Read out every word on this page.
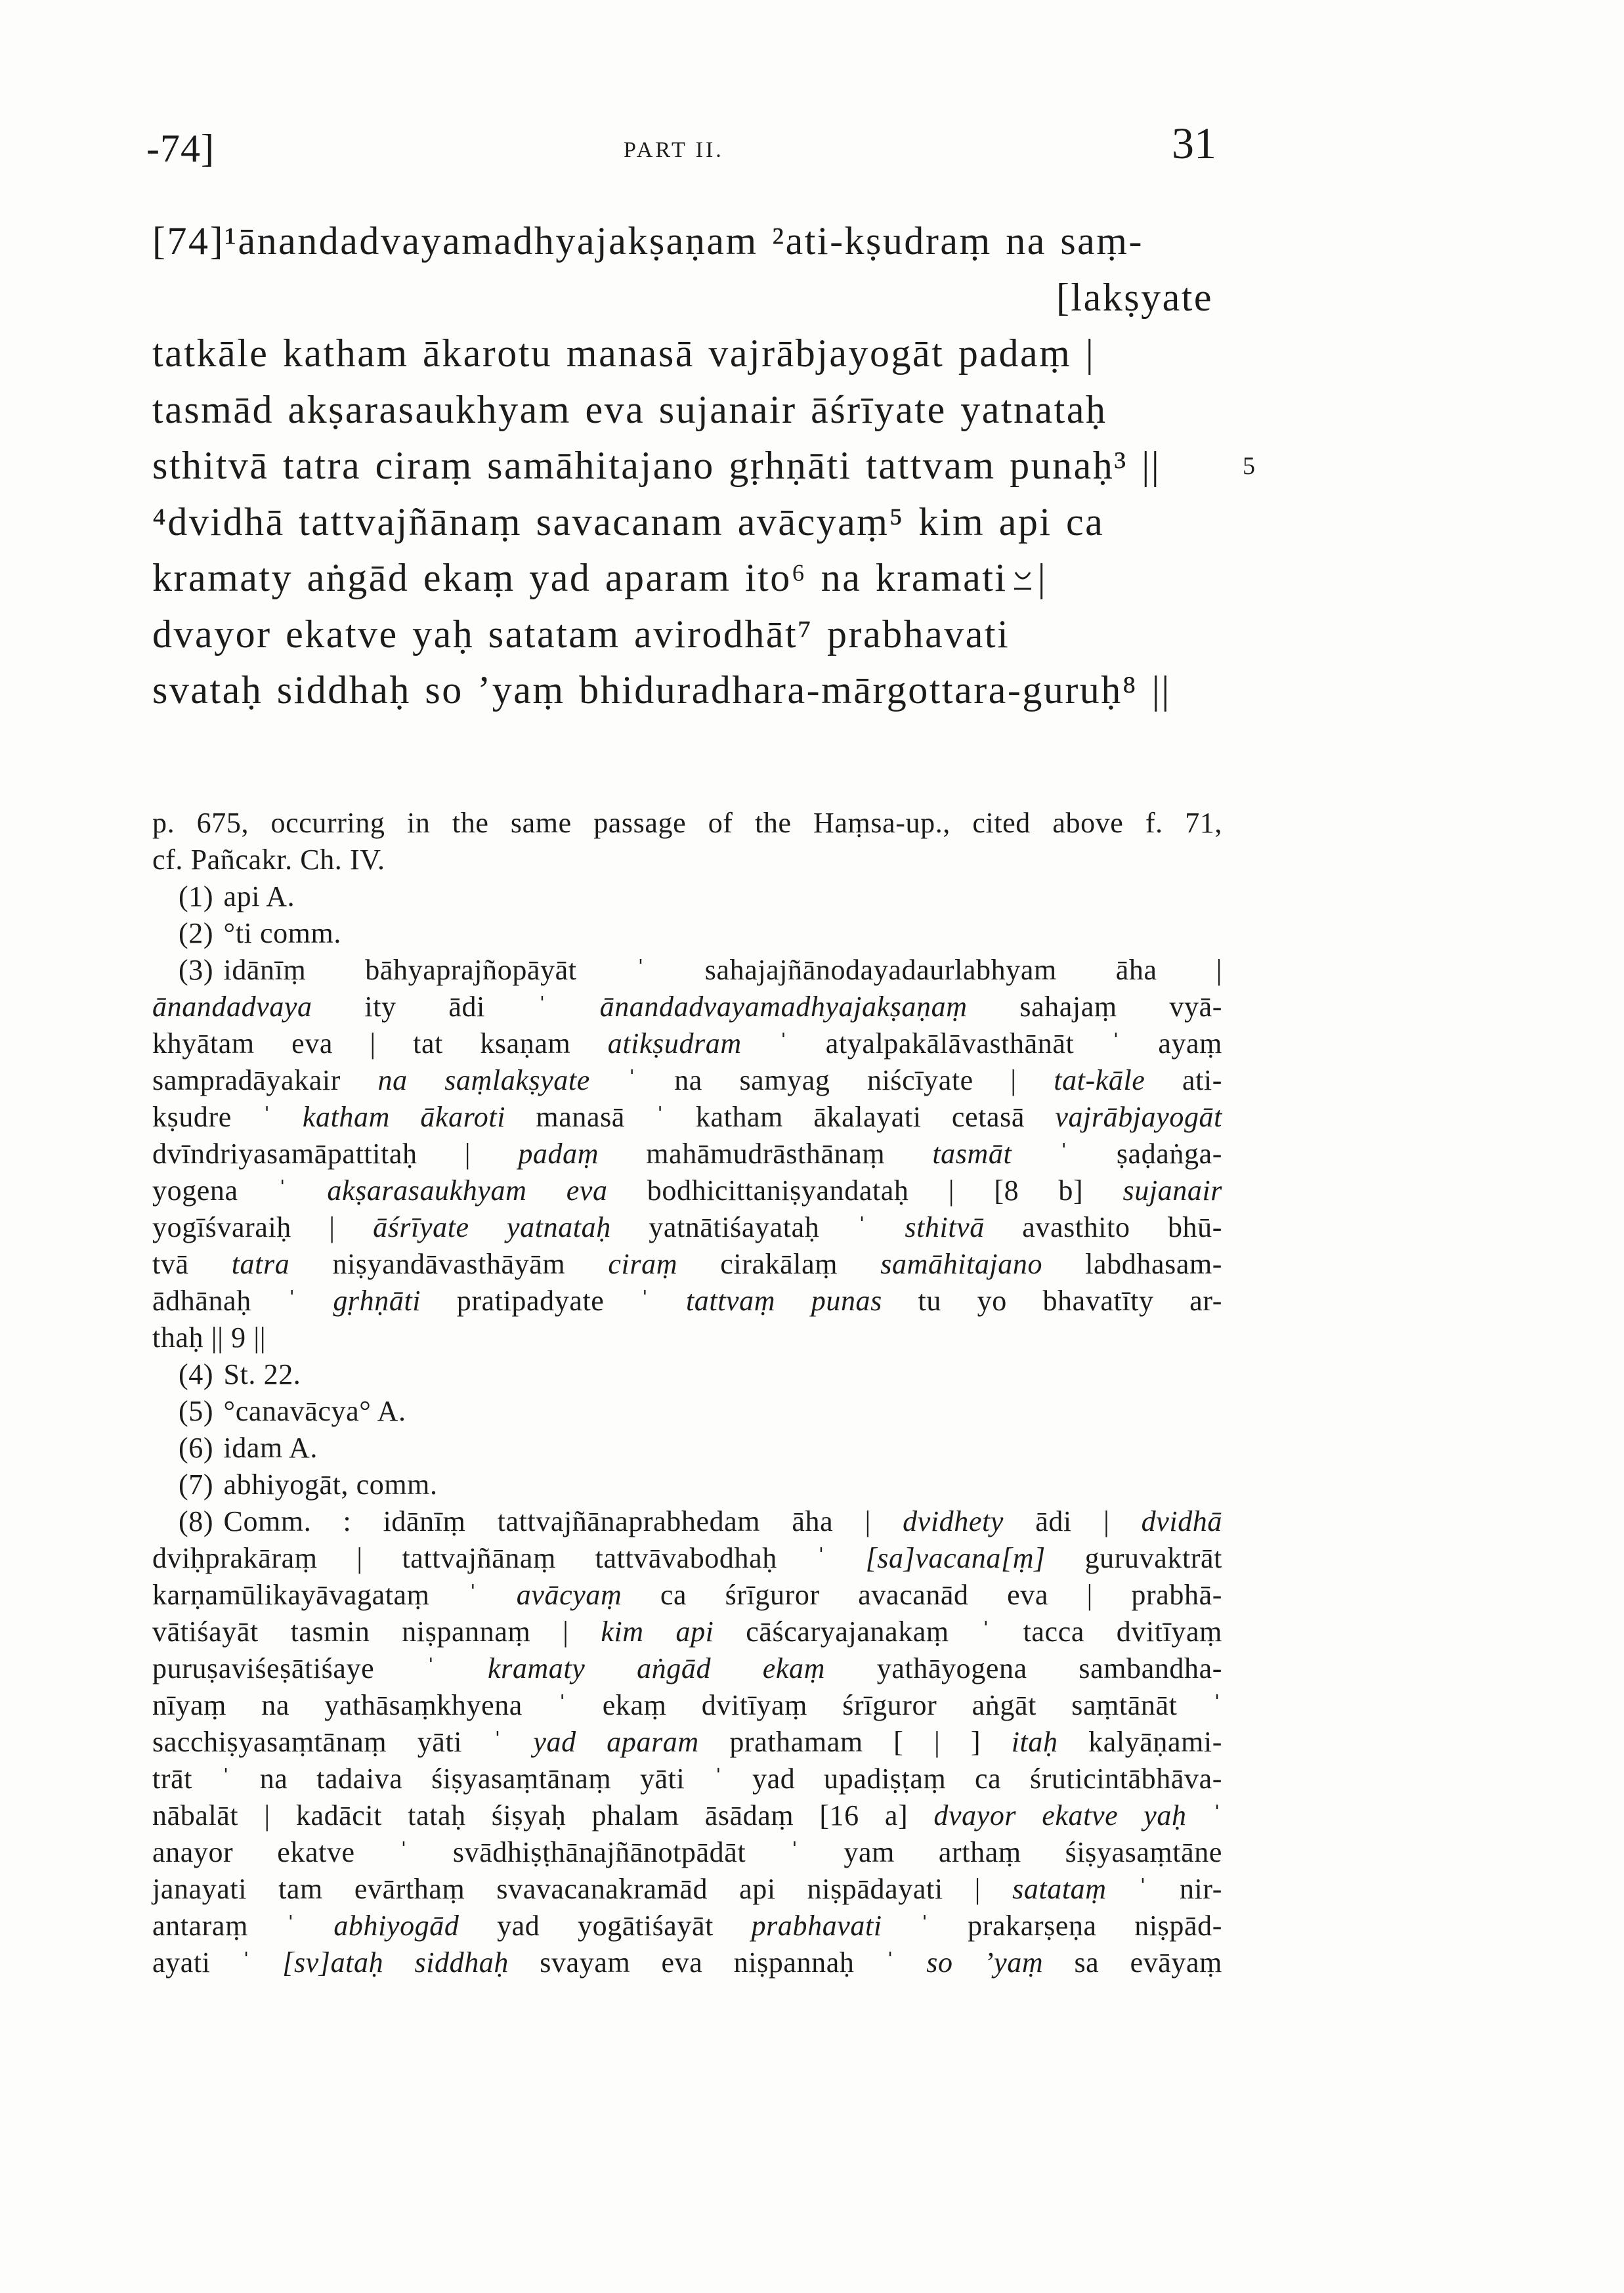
-74]	PART II.	31
[74]¹ānandadvayamadhyajakṣaṇam ²ati-kṣudraṃ na saṃ-
[lakṣyate
tatkāle katham ākarotu manasā vajrābjayogāt padaṃ |
tasmād akṣarasaukhyam eva sujanair āśrīyate yatnataḥ
sthitvā tatra ciraṃ samāhitajano gṛhṇāti tattvam punaḥ³ ||	5
⁴dvidhā tattvajñānaṃ savacanam avācyaṃ⁵ kim api ca
kramaty aṅgād ekaṃ yad aparam ito⁶ na kramati |
dvayor ekatve yaḥ satatam avirodhāt⁷ prabhavati
svataḥ siddhaḥ so ’yaṃ bhiduradhara-mārgottara-guruḥ⁸ ||
p. 675, occurring in the same passage of the Haṃsa-up., cited above f. 71,
cf. Pañcakr. Ch. IV.
(1) api A.
(2) °ti comm.
(3) idānīṃ bāhyaprajñopāyāt ˈ sahajajñānodayadaurlabhyam āha |
ānandadvaya ity ādi ˈ ānandadvayamadhyajakṣaṇaṃ sahajaṃ vyā-
khyātam eva | tat ksaṇam atikṣudram ˈ atyalpakālāvasthānāt ˈ ayaṃ
sampradāyakair na saṃlakṣyate ˈ na samyag niścīyate | tat-kāle ati-
kṣudre ˈ katham ākaroti manasā ˈ katham ākalayati cetasā vajrābjayogāt
dvīndriyasamāpattitaḥ | padaṃ mahāmudrāsthānaṃ tasmāt ˈ ṣaḍaṅga-
yogena ˈ akṣarasaukhyam eva bodhicittaniṣyandataḥ | [8 b] sujanair
yogīśvaraiḥ | āśrīyate yatnataḥ yatnātiśayataḥ ˈ sthitvā avasthito bhū-
tvā tatra niṣyandāvasthāyām ciraṃ cirakālaṃ samāhitajano labdhasam-
ādhānaḥ ˈ gṛhṇāti pratipadyate ˈ tattvaṃ punas tu yo bhavatīty ar-
thaḥ || 9 ||
(4) St. 22.
(5) °canavācya° A.
(6) idam A.
(7) abhiyogāt, comm.
(8) Comm. : idānīṃ tattvajñānaprabhedam āha | dvidhety ādi | dvidhā
dviḥprakāraṃ | tattvajñānaṃ tattvāvabodhaḥ ˈ [sa]vacana[ṃ] guruvaktrāt
karṇamūlikayāvagataṃ ˈ avācyaṃ ca śrīguror avacanād eva | prabhā-
vātiśayāt tasmin niṣpannaṃ | kim api cāścaryajanakaṃ ˈ tacca dvitīyaṃ
puruṣaviśeṣātiśaye ˈ kramaty aṅgād ekaṃ yathāyogena sambandha-
nīyaṃ na yathāsaṃkhyena ˈ ekaṃ dvitīyaṃ śrīguror aṅgāt saṃtānāt ˈ
sacchiṣyasaṃtānaṃ yāti ˈ yad aparam prathamam [ | ] itaḥ kalyāṇami-
trāt ˈ na tadaiva śiṣyasaṃtānaṃ yāti ˈ yad upadiṣṭaṃ ca śruticintābhāva-
nābalāt | kadācit tataḥ śiṣyaḥ phalam āsādaṃ [16 a] dvayor ekatve yaḥ ˈ
anayor ekatve ˈ svādhiṣṭhānajñānotpādāt ˈ yam arthaṃ śiṣyasaṃtāne
janayati tam evārthaṃ svavacanakramād api niṣpādayati | satataṃ ˈ nir-
antaraṃ ˈ abhiyogād yad yogātiśayāt prabhavati ˈ prakarṣeṇa niṣpād-
ayati ˈ [sv]ataḥ siddhaḥ svayam eva niṣpannaḥ ˈ so ’yaṃ sa evāyaṃ
